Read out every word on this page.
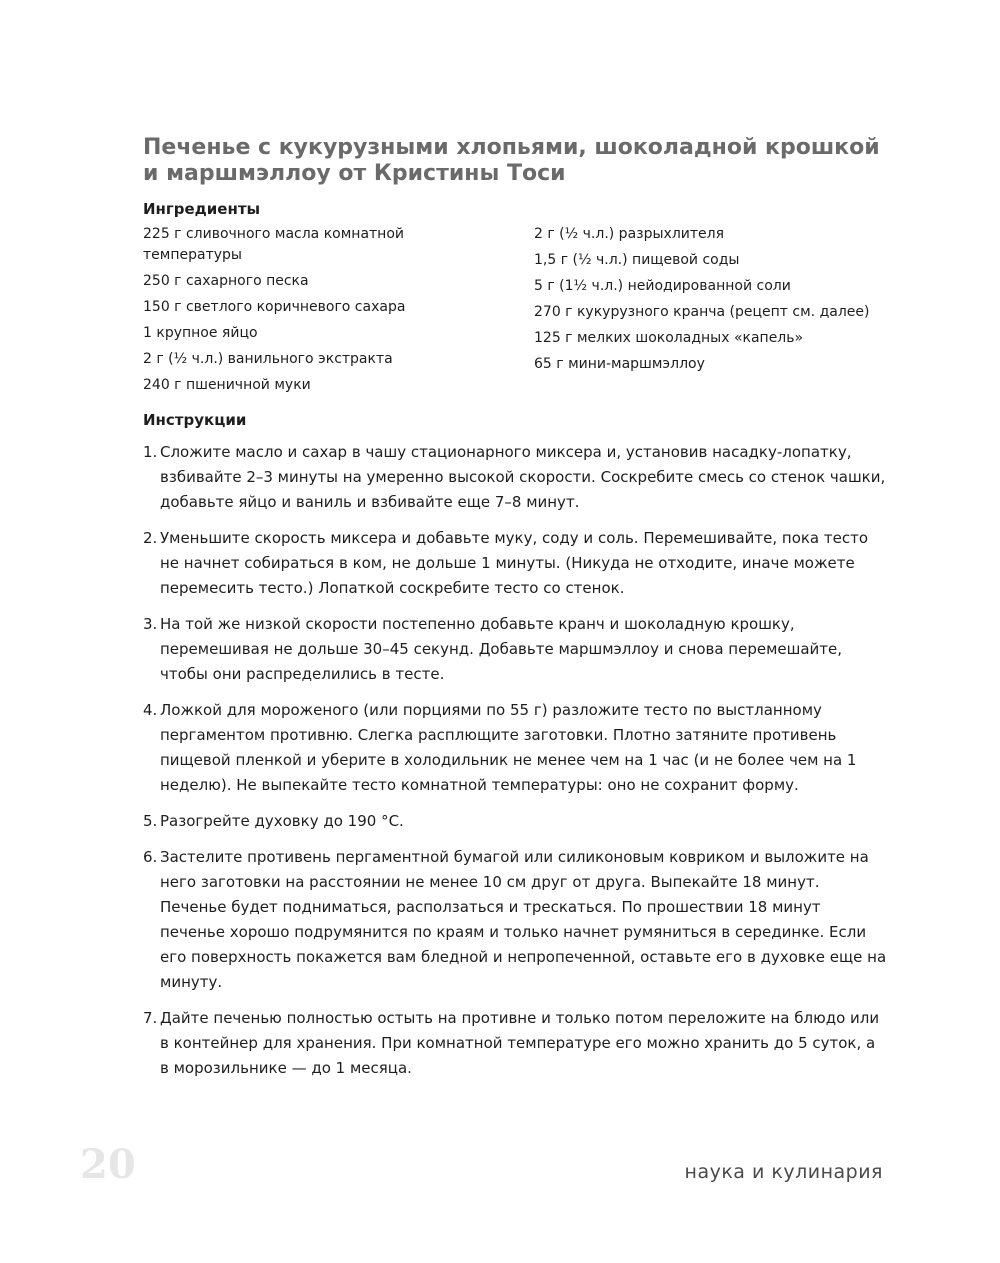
Печенье с кукурузными хлопьями, шоколадной крошкой
и маршмэллоу от Кристины Тоси
Ингредиенты
225 г сливочного масла комнатной температуры
250 г сахарного песка
150 г светлого коричневого сахара
1 крупное яйцо
2 г (½ ч.л.) ванильного экстракта
240 г пшеничной муки
2 г (½ ч.л.) разрыхлителя
1,5 г (½ ч.л.) пищевой соды
5 г (1½ ч.л.) нейодированной соли
270 г кукурузного кранча (рецепт см. далее)
125 г мелких шоколадных «капель»
65 г мини-маршмэллоу
Инструкции
1. Сложите масло и сахар в чашу стационарного миксера и, установив насадку-лопатку, взбивайте 2–3 минуты на умеренно высокой скорости. Соскребите смесь со стенок чашки, добавьте яйцо и ваниль и взбивайте еще 7–8 минут.
2. Уменьшите скорость миксера и добавьте муку, соду и соль. Перемешивайте, пока тесто не начнет собираться в ком, не дольше 1 минуты. (Никуда не отходите, иначе можете перемесить тесто.) Лопаткой соскребите тесто со стенок.
3. На той же низкой скорости постепенно добавьте кранч и шоколадную крошку, перемешивая не дольше 30–45 секунд. Добавьте маршмэллоу и снова перемешайте, чтобы они распределились в тесте.
4. Ложкой для мороженого (или порциями по 55 г) разложите тесто по выстланному пергаментом противню. Слегка расплющите заготовки. Плотно затяните противень пищевой пленкой и уберите в холодильник не менее чем на 1 час (и не более чем на 1 неделю). Не выпекайте тесто комнатной температуры: оно не сохранит форму.
5. Разогрейте духовку до 190 °С.
6. Застелите противень пергаментной бумагой или силиконовым ковриком и выложите на него заготовки на расстоянии не менее 10 см друг от друга. Выпекайте 18 минут. Печенье будет подниматься, расползаться и трескаться. По прошествии 18 минут печенье хорошо подрумянится по краям и только начнет румяниться в серединке. Если его поверхность покажется вам бледной и непропеченной, оставьте его в духовке еще на минуту.
7. Дайте печенью полностью остыть на противне и только потом переложите на блюдо или в контейнер для хранения. При комнатной температуре его можно хранить до 5 суток, а в морозильнике — до 1 месяца.
20	наука и кулинария
